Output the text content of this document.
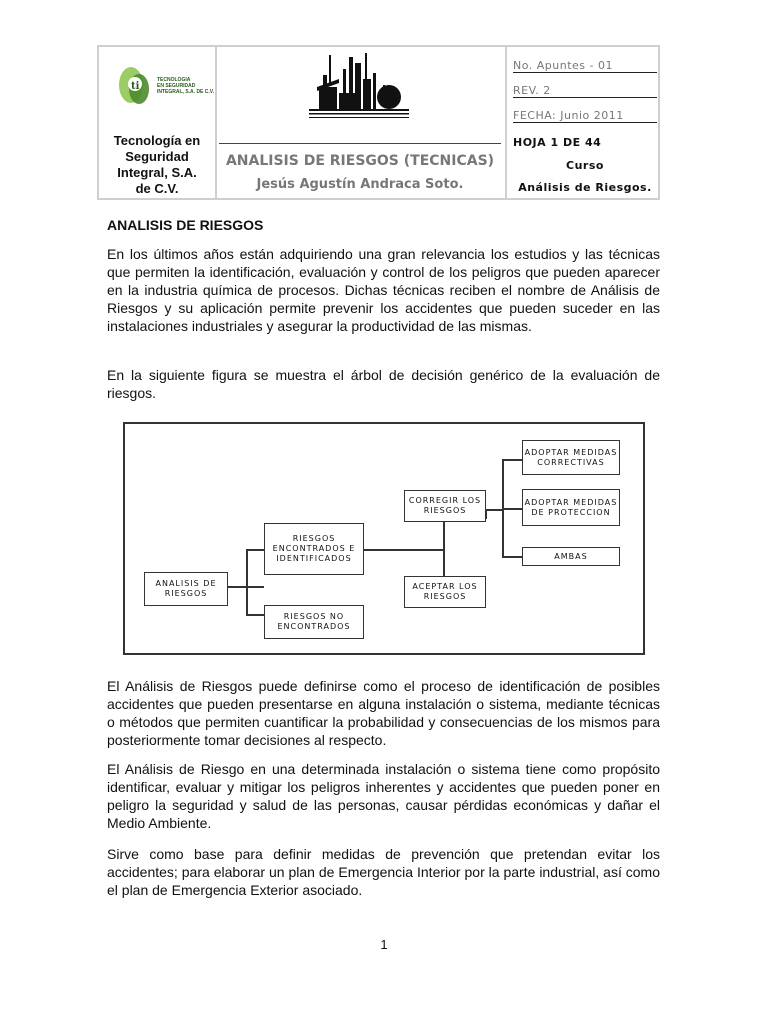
ti
TECNOLOGIA
EN SEGURIDAD
INTEGRAL, S.A. DE C.V.
Tecnología en
Seguridad
Integral, S.A.
de C.V.
ANALISIS DE RIESGOS (TECNICAS)
Jesús Agustín Andraca Soto.
No. Apuntes - 01
REV. 2
FECHA: Junio 2011
HOJA 1 DE 44
Curso
Análisis de Riesgos.
ANALISIS DE RIESGOS
En los últimos años están adquiriendo una gran relevancia los estudios y las técnicas que permiten la identificación, evaluación y control de los peligros que pueden aparecer en la industria química de procesos. Dichas técnicas reciben el nombre de Análisis de Riesgos y su aplicación permite prevenir los accidentes que pueden suceder en las instalaciones industriales y asegurar la productividad de las mismas.
En la siguiente figura se muestra el árbol de decisión genérico de la evaluación de riesgos.
ANALISIS DE RIESGOS
RIESGOS ENCONTRADOS E IDENTIFICADOS
RIESGOS NO ENCONTRADOS
CORREGIR LOS RIESGOS
ACEPTAR LOS RIESGOS
ADOPTAR MEDIDAS CORRECTIVAS
ADOPTAR MEDIDAS DE PROTECCION
AMBAS
El Análisis de Riesgos puede definirse como el proceso de identificación de posibles accidentes que pueden presentarse en alguna instalación o sistema, mediante técnicas o métodos que permiten cuantificar la probabilidad y consecuencias de los mismos para posteriormente tomar decisiones al respecto.
El Análisis de Riesgo en una determinada instalación o sistema tiene como propósito identificar, evaluar y mitigar los peligros inherentes y accidentes que pueden poner en peligro la seguridad y salud de las personas, causar pérdidas económicas y dañar el Medio Ambiente.
Sirve como base para definir medidas de prevención que pretendan evitar los accidentes; para elaborar un plan de Emergencia Interior por la parte industrial, así como el plan de Emergencia Exterior asociado.
1
